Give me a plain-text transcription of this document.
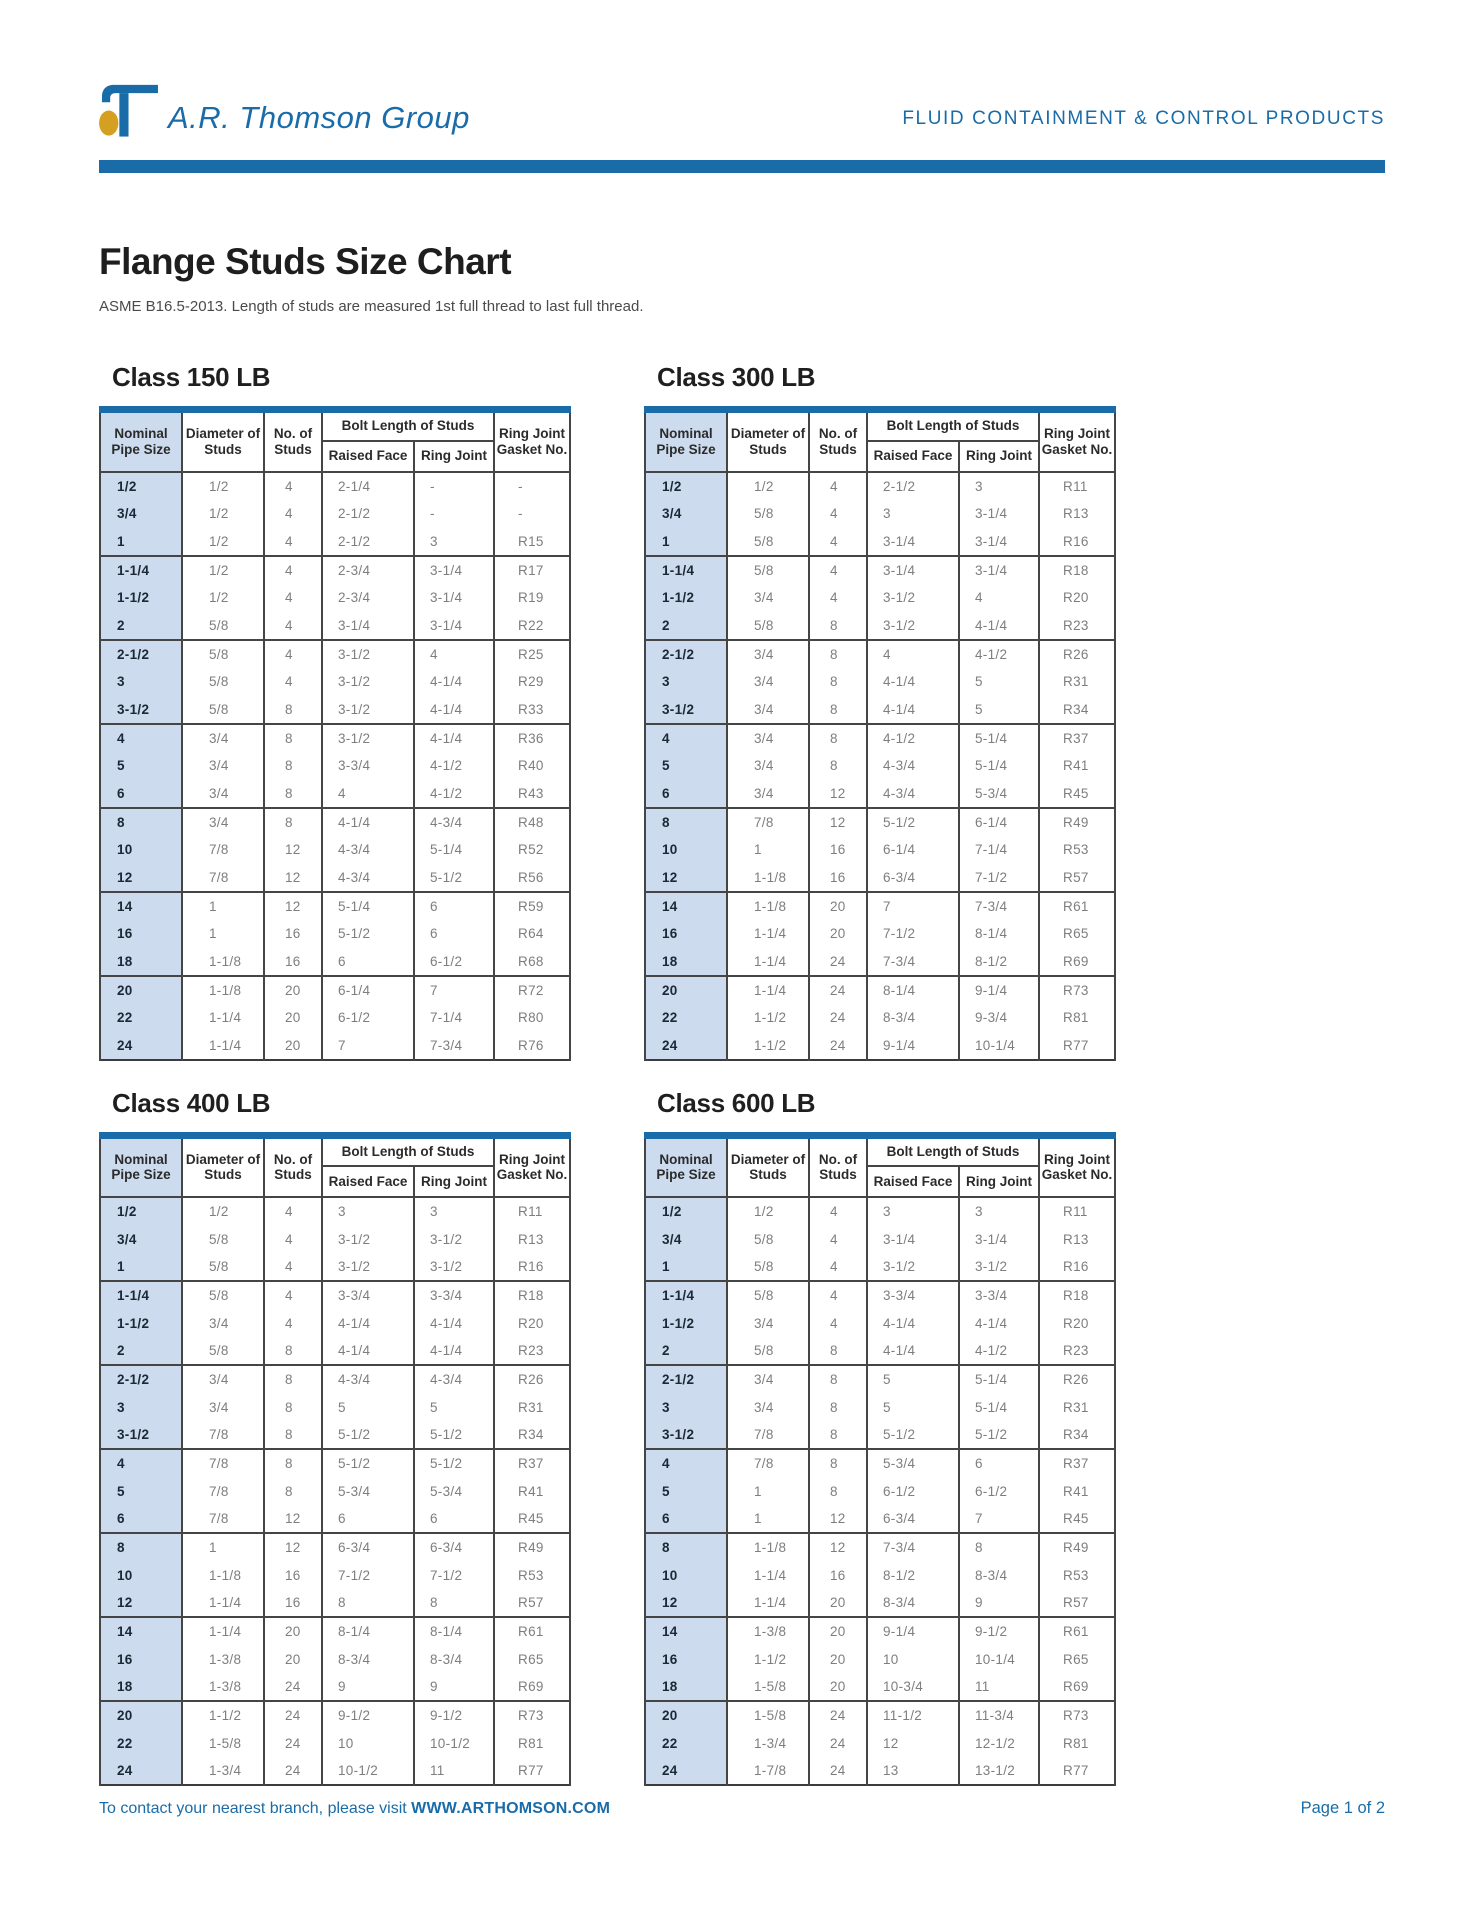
A.R. Thomson Group	FLUID CONTAINMENT & CONTROL PRODUCTS
Flange Studs Size Chart
ASME B16.5-2013. Length of studs are measured 1st full thread to last full thread.
Class 150 LB
Nominal Pipe Size	Diameter of Studs	No. of Studs	Bolt Length of Studs		Ring Joint Gasket No.
			Raised Face	Ring Joint	
1/2	1/2	4	2-1/4	-	-
3/4	1/2	4	2-1/2	-	-
1	1/2	4	2-1/2	3	R15
1-1/4	1/2	4	2-3/4	3-1/4	R17
1-1/2	1/2	4	2-3/4	3-1/4	R19
2	5/8	4	3-1/4	3-1/4	R22
2-1/2	5/8	4	3-1/2	4	R25
3	5/8	4	3-1/2	4-1/4	R29
3-1/2	5/8	8	3-1/2	4-1/4	R33
4	3/4	8	3-1/2	4-1/4	R36
5	3/4	8	3-3/4	4-1/2	R40
6	3/4	8	4	4-1/2	R43
8	3/4	8	4-1/4	4-3/4	R48
10	7/8	12	4-3/4	5-1/4	R52
12	7/8	12	4-3/4	5-1/2	R56
14	1	12	5-1/4	6	R59
16	1	16	5-1/2	6	R64
18	1-1/8	16	6	6-1/2	R68
20	1-1/8	20	6-1/4	7	R72
22	1-1/4	20	6-1/2	7-1/4	R80
24	1-1/4	20	7	7-3/4	R76
Class 300 LB
Nominal Pipe Size	Diameter of Studs	No. of Studs	Bolt Length of Studs		Ring Joint Gasket No.
			Raised Face	Ring Joint	
1/2	1/2	4	2-1/2	3	R11
3/4	5/8	4	3	3-1/4	R13
1	5/8	4	3-1/4	3-1/4	R16
1-1/4	5/8	4	3-1/4	3-1/4	R18
1-1/2	3/4	4	3-1/2	4	R20
2	5/8	8	3-1/2	4-1/4	R23
2-1/2	3/4	8	4	4-1/2	R26
3	3/4	8	4-1/4	5	R31
3-1/2	3/4	8	4-1/4	5	R34
4	3/4	8	4-1/2	5-1/4	R37
5	3/4	8	4-3/4	5-1/4	R41
6	3/4	12	4-3/4	5-3/4	R45
8	7/8	12	5-1/2	6-1/4	R49
10	1	16	6-1/4	7-1/4	R53
12	1-1/8	16	6-3/4	7-1/2	R57
14	1-1/8	20	7	7-3/4	R61
16	1-1/4	20	7-1/2	8-1/4	R65
18	1-1/4	24	7-3/4	8-1/2	R69
20	1-1/4	24	8-1/4	9-1/4	R73
22	1-1/2	24	8-3/4	9-3/4	R81
24	1-1/2	24	9-1/4	10-1/4	R77
Class 400 LB
Nominal Pipe Size	Diameter of Studs	No. of Studs	Bolt Length of Studs		Ring Joint Gasket No.
			Raised Face	Ring Joint	
1/2	1/2	4	3	3	R11
3/4	5/8	4	3-1/2	3-1/2	R13
1	5/8	4	3-1/2	3-1/2	R16
1-1/4	5/8	4	3-3/4	3-3/4	R18
1-1/2	3/4	4	4-1/4	4-1/4	R20
2	5/8	8	4-1/4	4-1/4	R23
2-1/2	3/4	8	4-3/4	4-3/4	R26
3	3/4	8	5	5	R31
3-1/2	7/8	8	5-1/2	5-1/2	R34
4	7/8	8	5-1/2	5-1/2	R37
5	7/8	8	5-3/4	5-3/4	R41
6	7/8	12	6	6	R45
8	1	12	6-3/4	6-3/4	R49
10	1-1/8	16	7-1/2	7-1/2	R53
12	1-1/4	16	8	8	R57
14	1-1/4	20	8-1/4	8-1/4	R61
16	1-3/8	20	8-3/4	8-3/4	R65
18	1-3/8	24	9	9	R69
20	1-1/2	24	9-1/2	9-1/2	R73
22	1-5/8	24	10	10-1/2	R81
24	1-3/4	24	10-1/2	11	R77
Class 600 LB
Nominal Pipe Size	Diameter of Studs	No. of Studs	Bolt Length of Studs		Ring Joint Gasket No.
			Raised Face	Ring Joint	
1/2	1/2	4	3	3	R11
3/4	5/8	4	3-1/4	3-1/4	R13
1	5/8	4	3-1/2	3-1/2	R16
1-1/4	5/8	4	3-3/4	3-3/4	R18
1-1/2	3/4	4	4-1/4	4-1/4	R20
2	5/8	8	4-1/4	4-1/2	R23
2-1/2	3/4	8	5	5-1/4	R26
3	3/4	8	5	5-1/4	R31
3-1/2	7/8	8	5-1/2	5-1/2	R34
4	7/8	8	5-3/4	6	R37
5	1	8	6-1/2	6-1/2	R41
6	1	12	6-3/4	7	R45
8	1-1/8	12	7-3/4	8	R49
10	1-1/4	16	8-1/2	8-3/4	R53
12	1-1/4	20	8-3/4	9	R57
14	1-3/8	20	9-1/4	9-1/2	R61
16	1-1/2	20	10	10-1/4	R65
18	1-5/8	20	10-3/4	11	R69
20	1-5/8	24	11-1/2	11-3/4	R73
22	1-3/4	24	12	12-1/2	R81
24	1-7/8	24	13	13-1/2	R77
To contact your nearest branch, please visit WWW.ARTHOMSON.COM	Page 1 of 2
